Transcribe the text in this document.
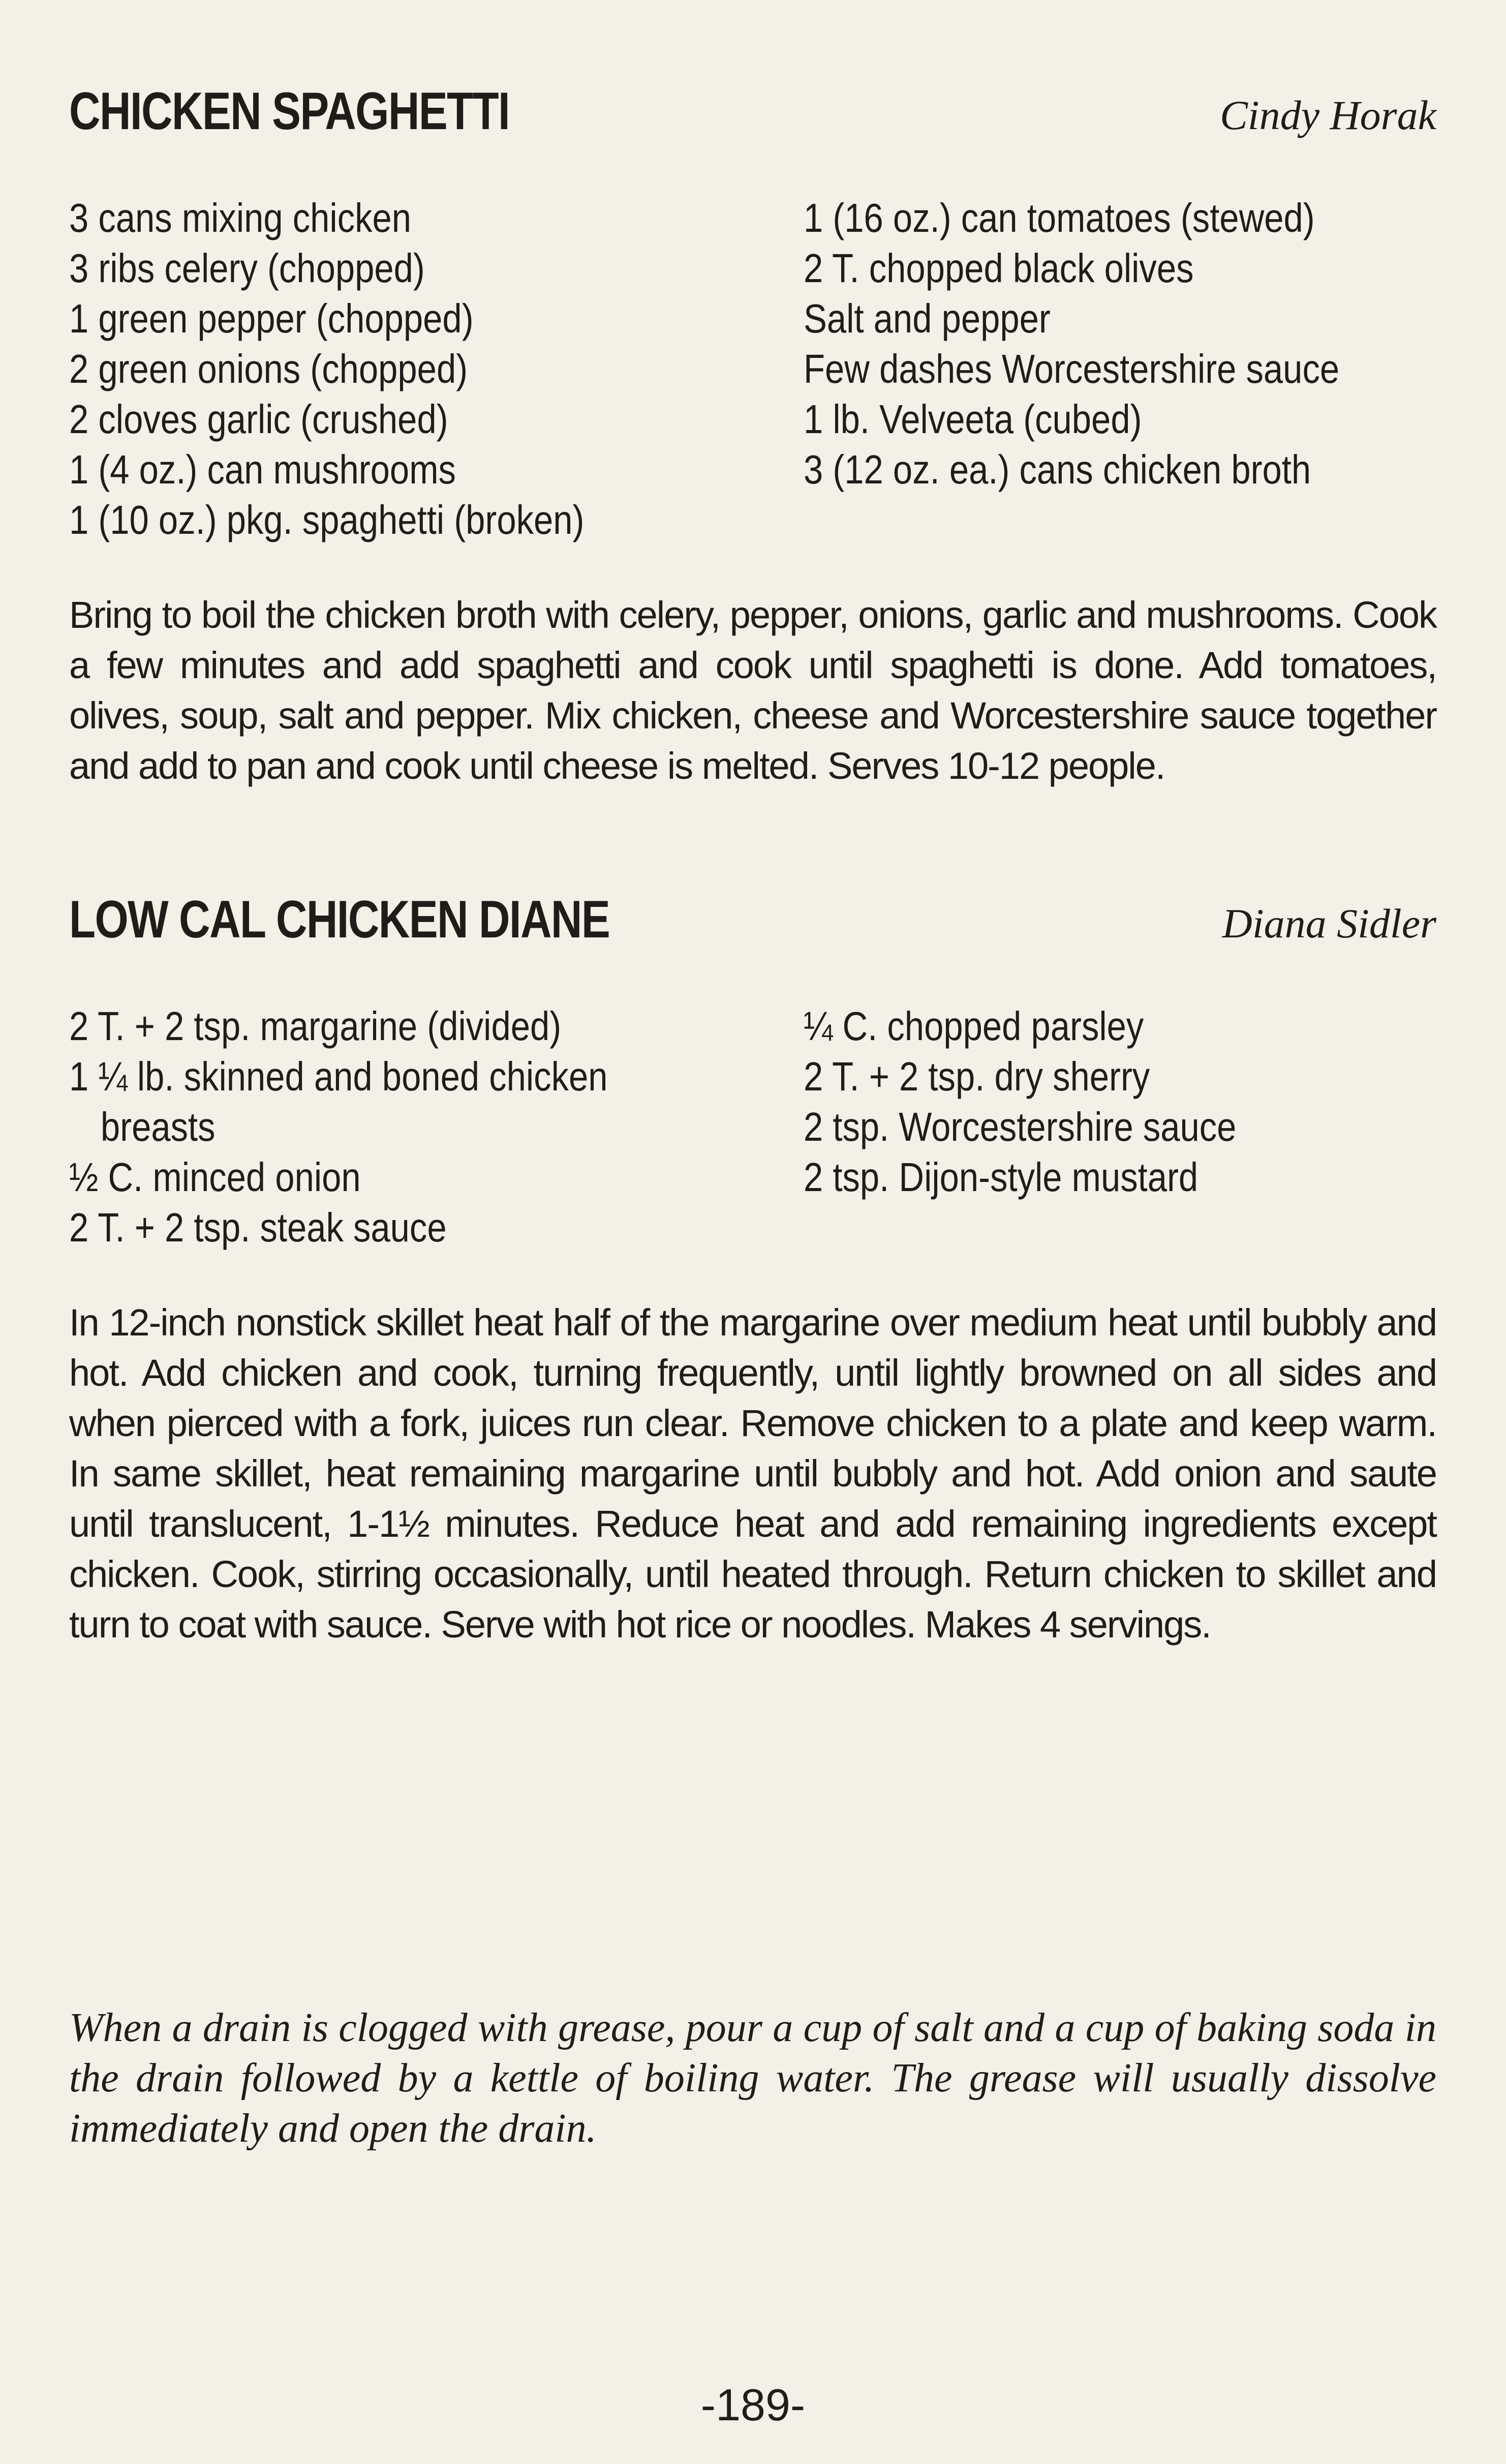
CHICKEN SPAGHETTI	Cindy Horak
3 cans mixing chicken
3 ribs celery (chopped)
1 green pepper (chopped)
2 green onions (chopped)
2 cloves garlic (crushed)
1 (4 oz.) can mushrooms
1 (10 oz.) pkg. spaghetti (broken)
1 (16 oz.) can tomatoes (stewed)
2 T. chopped black olives
Salt and pepper
Few dashes Worcestershire sauce
1 lb. Velveeta (cubed)
3 (12 oz. ea.) cans chicken broth

Bring to boil the chicken broth with celery, pepper, onions, garlic and mushrooms. Cook a few minutes and add spaghetti and cook until spaghetti is done. Add tomatoes, olives, soup, salt and pepper. Mix chicken, cheese and Worcestershire sauce together and add to pan and cook until cheese is melted. Serves 10-12 people.

LOW CAL CHICKEN DIANE	Diana Sidler
2 T. + 2 tsp. margarine (divided)
1 ¼ lb. skinned and boned chicken
breasts
½ C. minced onion
2 T. + 2 tsp. steak sauce
¼ C. chopped parsley
2 T. + 2 tsp. dry sherry
2 tsp. Worcestershire sauce
2 tsp. Dijon-style mustard

In 12-inch nonstick skillet heat half of the margarine over medium heat until bubbly and hot. Add chicken and cook, turning frequently, until lightly browned on all sides and when pierced with a fork, juices run clear. Remove chicken to a plate and keep warm. In same skillet, heat remaining margarine until bubbly and hot. Add onion and saute until translucent, 1-1½ minutes. Reduce heat and add remaining ingredients except chicken. Cook, stirring occasionally, until heated through. Return chicken to skillet and turn to coat with sauce. Serve with hot rice or noodles. Makes 4 servings.

When a drain is clogged with grease, pour a cup of salt and a cup of baking soda in the drain followed by a kettle of boiling water. The grease will usually dissolve immediately and open the drain.

-189-
